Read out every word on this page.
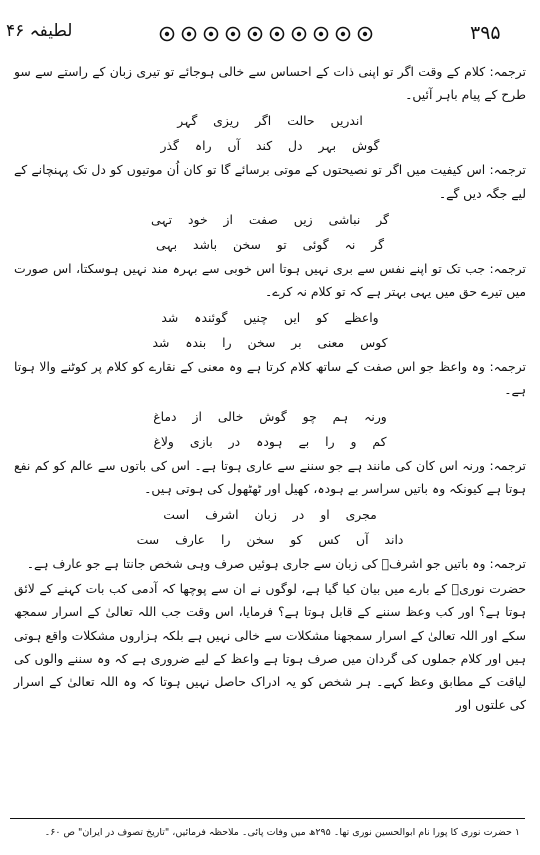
۳۹۵
لطیفہ ۴۶

ترجمہ: کلام کے وقت اگر تو اپنی ذات کے احساس سے خالی ہوجائے تو تیری زبان کے راستے سے سو طرح کے پیام باہر آئیں۔

اندریں حالت اگر ریزی گہر
گوش بہر دل کند آں راہ گذر

ترجمہ: اس کیفیت میں اگر تو نصیحتوں کے موتی برسائے گا تو کان اُن موتیوں کو دل تک پہنچانے کے لیے جگہ دیں گے۔

گر نباشی زیں صفت از خود تہی
گر نہ گوئی تو سخن باشد بہی

ترجمہ: جب تک تو اپنے نفس سے بری نہیں ہوتا اس خوبی سے بہرہ مند نہیں ہوسکتا، اس صورت میں تیرے حق میں یہی بہتر ہے کہ تو کلام نہ کرے۔

واعظے کو ایں چنیں گوئندہ شد
کوس معنی بر سخن را بندہ شد

ترجمہ: وہ واعظ جو اس صفت کے ساتھ کلام کرتا ہے وہ معنی کے نقارے کو کلام پر کوٹنے والا ہوتا ہے۔

ورنہ ہم چو گوش خالی از دماغ
کم و را بے ہودہ در بازی ولاغ

ترجمہ: ورنہ اس کان کی مانند ہے جو سننے سے عاری ہوتا ہے۔ اس کی باتوں سے عالم کو کم نفع ہوتا ہے کیونکہ وہ باتیں سراسر بے ہودہ، کھیل اور ٹھٹھول کی ہوتی ہیں۔

مجری او در زبان اشرف است
داند آں کس کو سخن را عارف ست

ترجمہ: وہ باتیں جو اشرفؒ کی زبان سے جاری ہوئیں صرف وہی شخص جانتا ہے جو عارف ہے۔

حضرت نوریؒ کے بارے میں بیان کیا گیا ہے، لوگوں نے ان سے پوچھا کہ آدمی کب بات کہنے کے لائق ہوتا ہے؟ اور کب وعظ سننے کے قابل ہوتا ہے؟ فرمایا، اس وقت جب اللہ تعالیٰ کے اسرار سمجھ سکے اور اللہ تعالیٰ کے اسرار سمجھنا مشکلات سے خالی نہیں ہے بلکہ ہزاروں مشکلات واقع ہوتی ہیں اور کلام جملوں کی گردان میں صرف ہوتا ہے واعظ کے لیے ضروری ہے کہ وہ سننے والوں کی لیاقت کے مطابق وعظ کہے۔ ہر شخص کو یہ ادراک حاصل نہیں ہوتا کہ وہ اللہ تعالیٰ کے اسرار کی علتوں اور

۱ حضرت نوری کا پورا نام ابوالحسین نوری تھا۔ ۲۹۵ھ میں وفات پائی۔ ملاحظہ فرمائیں، "تاریخ تصوف در ایران" ص ۶۰۔
